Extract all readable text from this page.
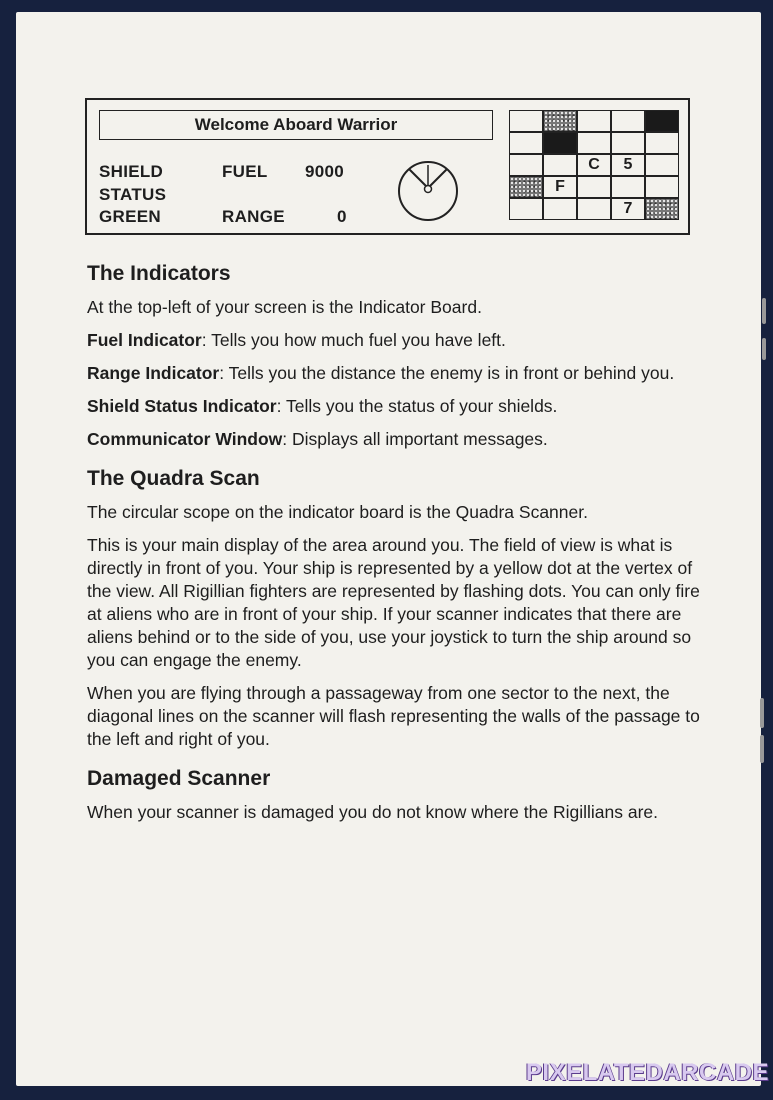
Welcome Aboard Warrior
SHIELD
STATUS
GREEN
FUEL 9000
RANGE	0
C	5
F
7
The Indicators

At the top-left of your screen is the Indicator Board.

Fuel Indicator: Tells you how much fuel you have left.

Range Indicator: Tells you the distance the enemy is in front or behind you.

Shield Status Indicator: Tells you the status of your shields.

Communicator Window: Displays all important messages.

The Quadra Scan

The circular scope on the indicator board is the Quadra Scanner.

This is your main display of the area around you. The field of view is what is directly in front of you. Your ship is represented by a yellow dot at the vertex of the view. All Rigillian fighters are represented by flashing dots. You can only fire at aliens who are in front of your ship. If your scanner indicates that there are aliens behind or to the side of you, use your joystick to turn the ship around so you can engage the enemy.

When you are flying through a passageway from one sector to the next, the diagonal lines on the scanner will flash representing the walls of the passage to the left and right of you.

Damaged Scanner

When your scanner is damaged you do not know where the Rigillians are.

PIXELATEDARCADE
